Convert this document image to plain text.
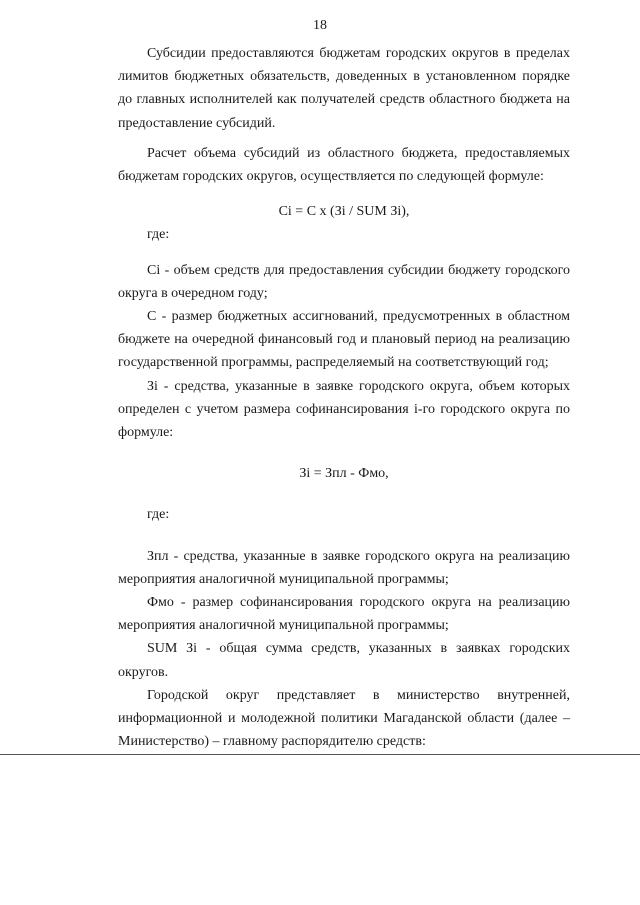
18

Субсидии предоставляются бюджетам городских округов в пределах лимитов бюджетных обязательств, доведенных в установленном порядке до главных исполнителей как получателей средств областного бюджета на предоставление субсидий.

Расчет объема субсидий из областного бюджета, предоставляемых бюджетам городских округов, осуществляется по следующей формуле:

Ci = C x (Зi / SUM Зi),

где:

Ci - объем средств для предоставления субсидии бюджету городского округа в очередном году;

C - размер бюджетных ассигнований, предусмотренных в областном бюджете на очередной финансовый год и плановый период на реализацию государственной программы, распределяемый на соответствующий год;

Зi - средства, указанные в заявке городского округа, объем которых определен с учетом размера софинансирования i-го городского округа по формуле:

Зi = Зпл - Фмо,

где:

Зпл - средства, указанные в заявке городского округа на реализацию мероприятия аналогичной муниципальной программы;

Фмо - размер софинансирования городского округа на реализацию мероприятия аналогичной муниципальной программы;

SUM Зi - общая сумма средств, указанных в заявках городских округов.

Городской округ представляет в министерство внутренней, информационной и молодежной политики Магаданской области (далее – Министерство) – главному распорядителю средств:
